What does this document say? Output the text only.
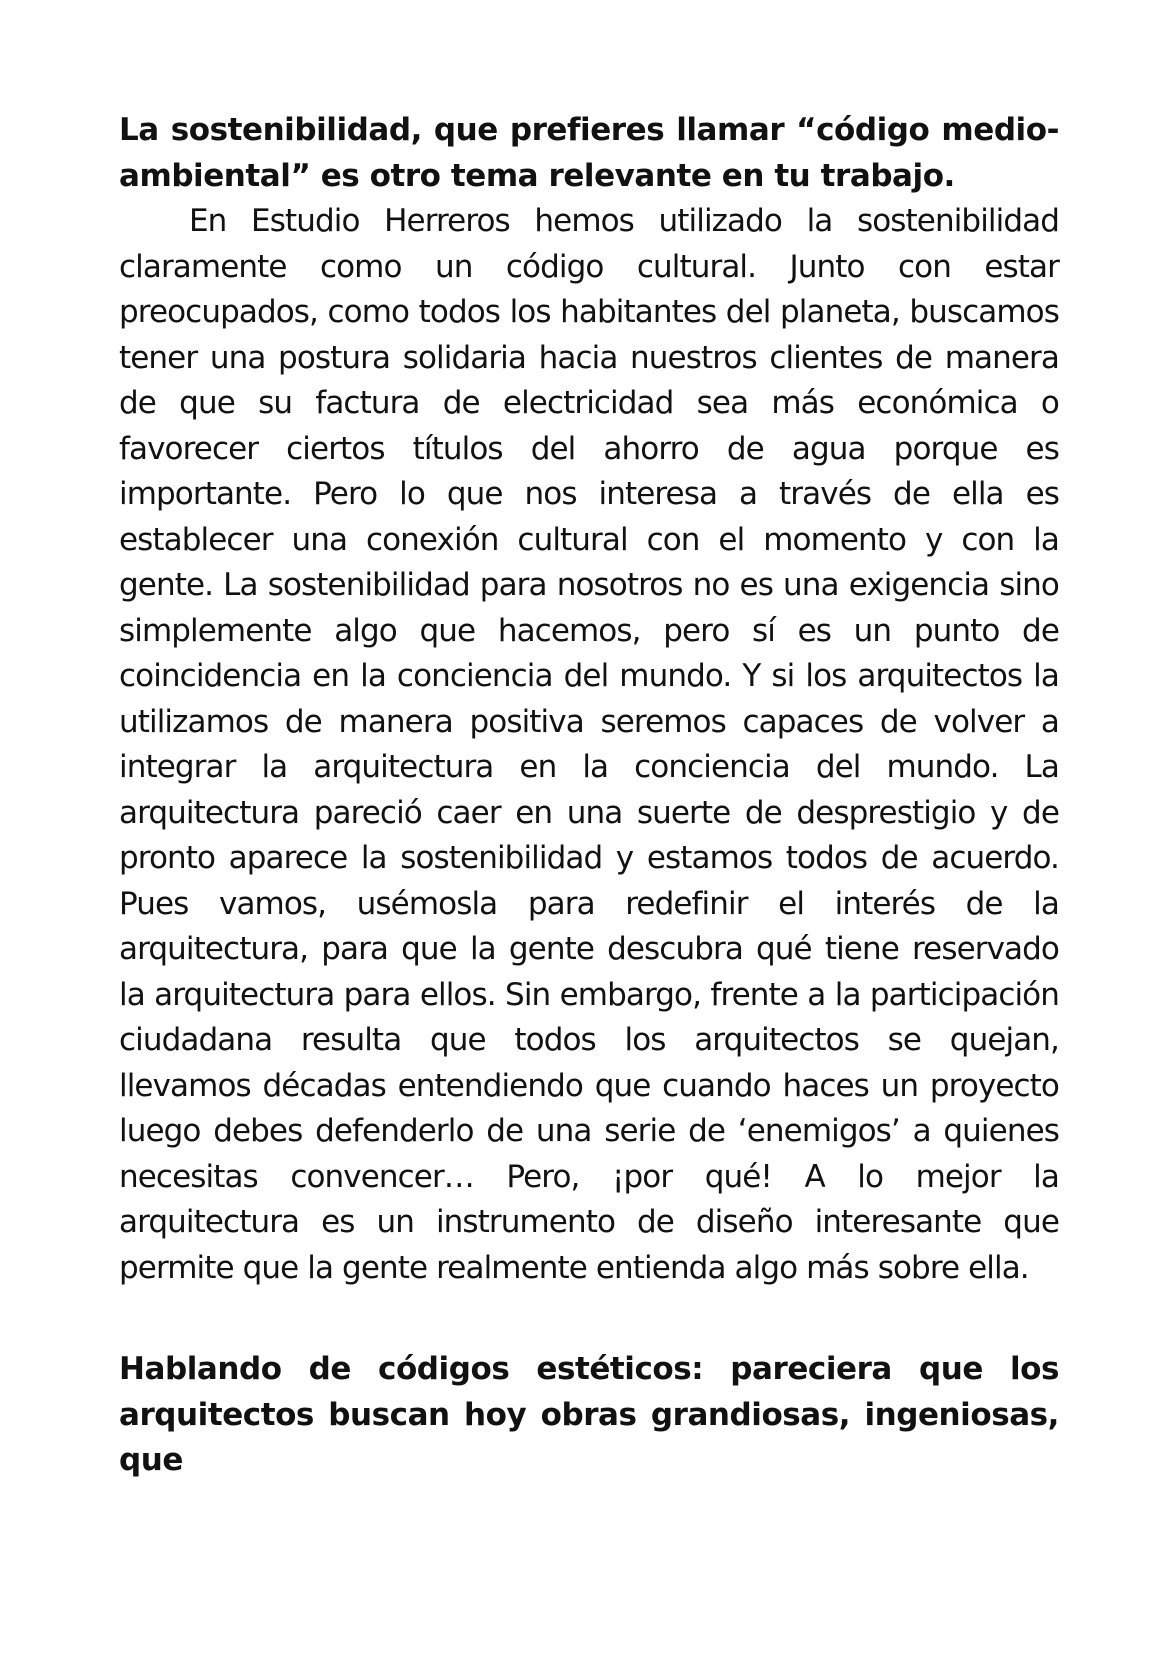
La sostenibilidad, que prefieres llamar “código medio-ambiental” es otro tema relevante en tu trabajo.

En Estudio Herreros hemos utilizado la sostenibilidad claramente como un código cultural. Junto con estar preocupados, como todos los habitantes del planeta, buscamos tener una postura solidaria hacia nuestros clientes de manera de que su factura de electricidad sea más económica o favorecer ciertos títulos del ahorro de agua porque es importante. Pero lo que nos interesa a través de ella es establecer una conexión cultural con el momento y con la gente. La sostenibilidad para nosotros no es una exigencia sino simplemente algo que hacemos, pero sí es un punto de coincidencia en la conciencia del mundo. Y si los arquitectos la utilizamos de manera positiva seremos capaces de volver a integrar la arquitectura en la conciencia del mundo. La arquitectura pareció caer en una suerte de desprestigio y de pronto aparece la sostenibilidad y estamos todos de acuerdo. Pues vamos, usémosla para redefinir el interés de la arquitectura, para que la gente descubra qué tiene reservado la arquitectura para ellos. Sin embargo, frente a la participación ciudadana resulta que todos los arquitectos se quejan, llevamos décadas entendiendo que cuando haces un proyecto luego debes defenderlo de una serie de ‘enemigos’ a quienes necesitas convencer… Pero, ¡por qué! A lo mejor la arquitectura es un instrumento de diseño interesante que permite que la gente realmente entienda algo más sobre ella.

Hablando de códigos estéticos: pareciera que los arquitectos buscan hoy obras grandiosas, ingeniosas, que
